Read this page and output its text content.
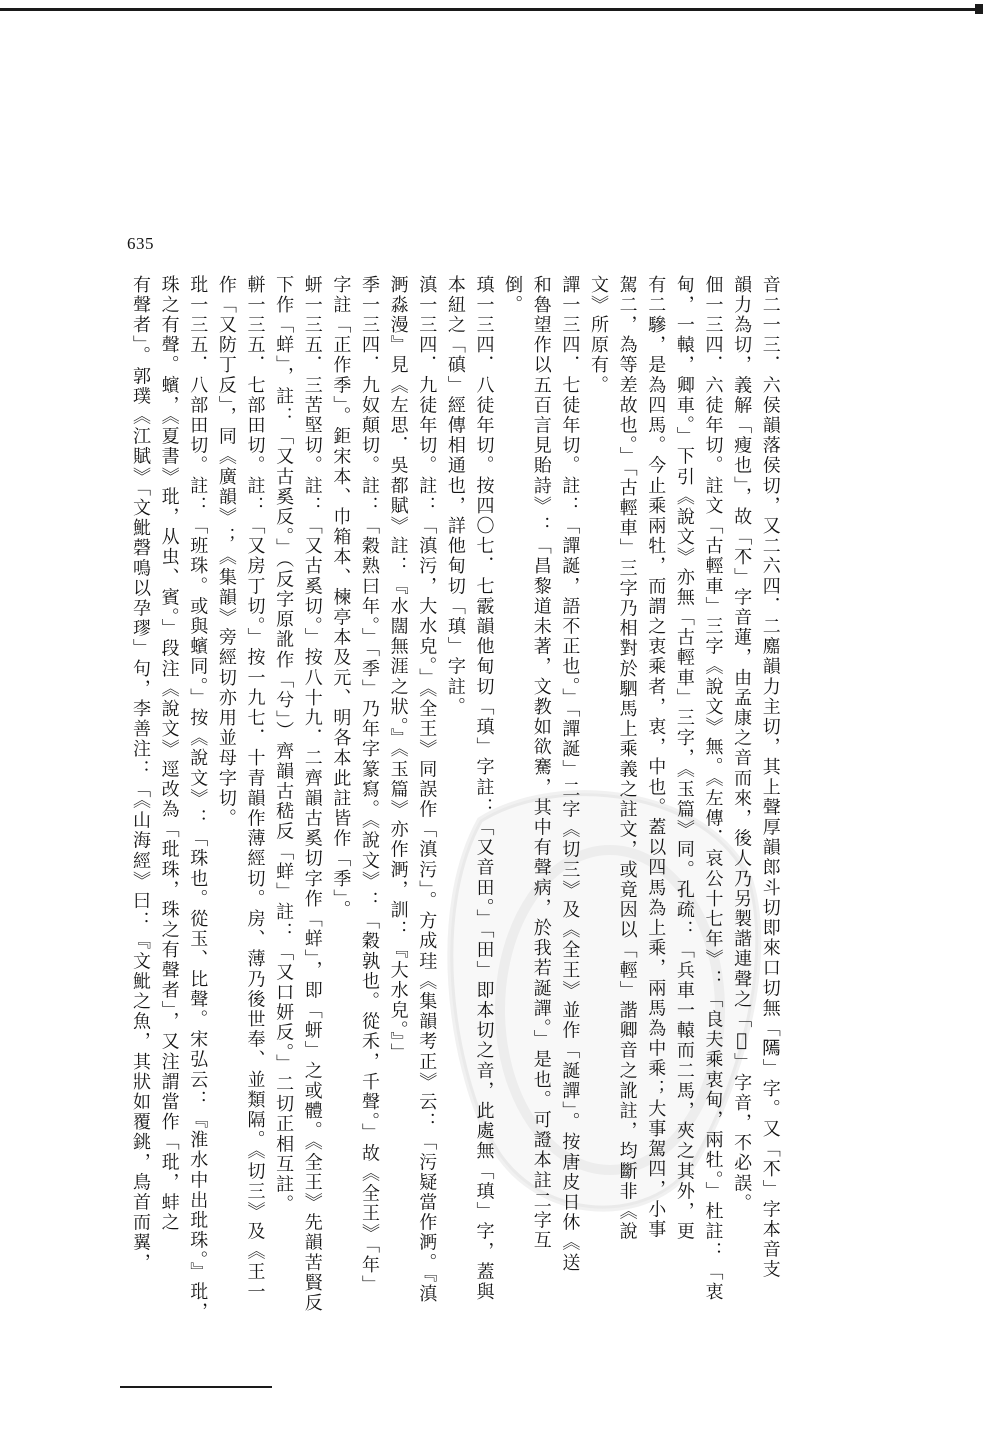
635
音二一三．六侯韻落侯切，又二六四．二䴥韻力主切，其上聲厚韻郎斗切即來口切無「𨻳」字。又「𣎴」字本音支
韻力為切，義解「瘦也」，故「𣎴」字音蓮，由孟康之音而來，後人乃另製諧連聲之「𦌐」字音，不必誤。
佃一三四．六徒年切。註文「古輕車」三字《說文》無。《左傳．哀公十七年》：「良夫乘衷甸，兩牡。」杜註：「衷
甸，一轅，卿車。」下引《說文》亦無「古輕車」三字，《玉篇》同。孔疏：「兵車一轅而二馬，夾之其外，更
有二驂，是為四馬。今止乘兩牡，而謂之衷乘者，衷，中也。蓋以四馬為上乘，兩馬為中乘；大事駕四，小事
駕二，為等差故也。」「古輕車」三字乃相對於駟馬上乘義之註文，或竟因以「輕」諧卿音之訛註，均斷非《說
文》所原有。
譂一三四．七徒年切。註：「譂誕，語不正也。」「譂誕」二字《切三》及《全王》並作「誕譂」。按唐皮日休《送
和魯望作以五百言見貽詩》：「昌黎道未著，文教如欲騫，其中有聲病，於我若誕譂。」是也。可證本註二字互
倒。
瑱一三四．八徒年切。按四〇七．七霰韻他甸切「瑱」字註：「又音田。」「田」即本切之音，此處無「瑱」字，蓋與
本紐之「磌」經傳相通也，詳他甸切「瑱」字註。
滇一三四．九徒年切。註：「滇污，大水皃。」《全王》同誤作「滇污」。方成珪《集韻考正》云：「污疑當作㴐。『滇
㴐淼漫』見《左思．吳都賦》註：『水闊無涯之狀。』《玉篇》亦作㴐，訓：『大水皃。』」
季一三四．九奴顛切。註：「穀熟曰年。」「季」乃年字篆寫。《說文》：「穀孰也。從禾，千聲。」故《全王》「年」
字註「正作季」。鉅宋本、巾箱本、楝亭本及元、明各本此註皆作「季」。
蚈一三五．三苦堅切。註：「又古奚切。」按八十九．二齊韻古奚切字作「蛘」，即「蚈」之或體。《全王》先韻苦賢反
下作「蛘」，註：「又古奚反。」（反字原訛作「兮」）齊韻古嵇反「蛘」註：「又口妍反。」二切正相互註。
軿一三五．七部田切。註：「又房丁切。」按一九七．十青韻作薄經切。房、薄乃後世奉、並類隔。《切三》及《王一
作「又防丁反」，同《廣韻》；《集韻》旁經切亦用並母字切。
玭一三五．八部田切。註：「班珠。或與蠙同。」按《說文》：「珠也。從玉、比聲。宋弘云：『淮水中出玭珠。』玭，
珠之有聲。蠙，《夏書》玭，从虫、賓。」段注《說文》逕改為「玭珠，珠之有聲者」，又注謂當作「玭，蚌之
有聲者」。郭璞《江賦》「文魮磬鳴以孕璆」句，李善注：「《山海經》曰：『文魮之魚，其狀如覆銚，鳥首而翼，
